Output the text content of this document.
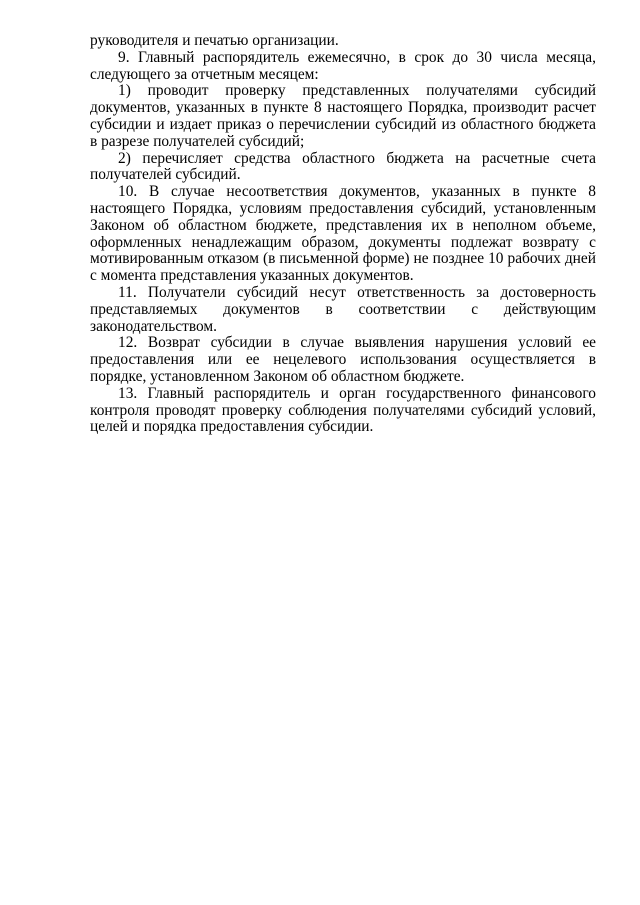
руководителя и печатью организации.

9. Главный распорядитель ежемесячно, в срок до 30 числа месяца, следующего за отчетным месяцем:

1) проводит проверку представленных получателями субсидий документов, указанных в пункте 8 настоящего Порядка, производит расчет субсидии и издает приказ о перечислении субсидий из областного бюджета в разрезе получателей субсидий;

2) перечисляет средства областного бюджета на расчетные счета получателей субсидий.

10. В случае несоответствия документов, указанных в пункте 8 настоящего Порядка, условиям предоставления субсидий, установленным Законом об областном бюджете, представления их в неполном объеме, оформленных ненадлежащим образом, документы подлежат возврату с мотивированным отказом (в письменной форме) не позднее 10 рабочих дней с момента представления указанных документов.

11. Получатели субсидий несут ответственность за достоверность представляемых документов в соответствии с действующим законодательством.

12. Возврат субсидии в случае выявления нарушения условий ее предоставления или ее нецелевого использования осуществляется в порядке, установленном Законом об областном бюджете.

13. Главный распорядитель и орган государственного финансового контроля проводят проверку соблюдения получателями субсидий условий, целей и порядка предоставления субсидии.
